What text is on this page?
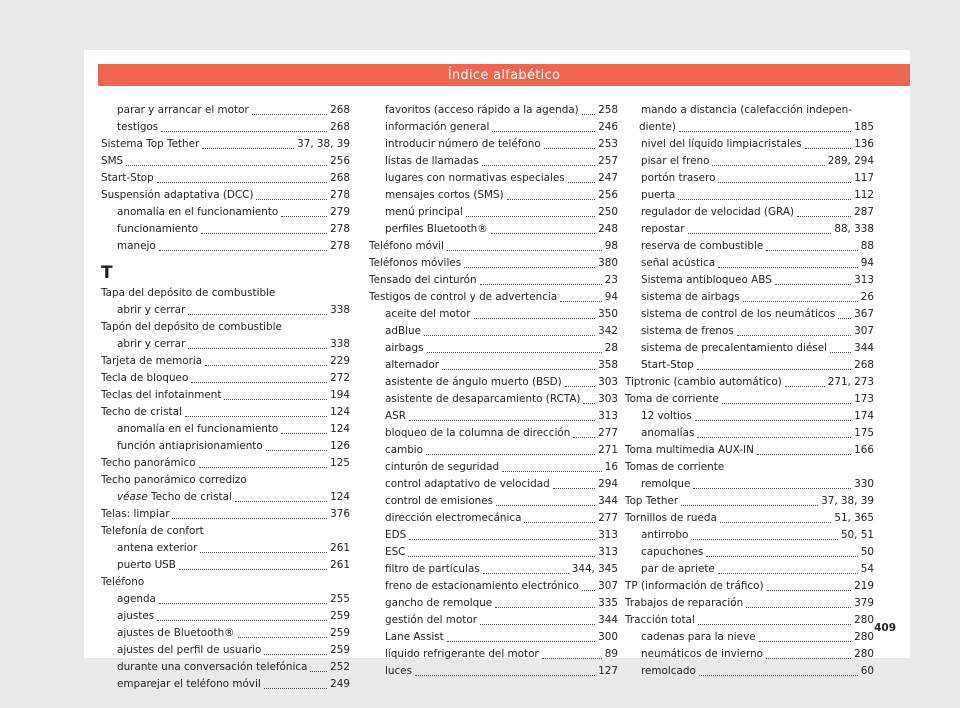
Índice alfabético
parar y arrancar el motor	268
testigos	268
Sistema Top Tether	37, 38, 39
SMS	256
Start-Stop	268
Suspensión adaptativa (DCC)	278
anomalía en el funcionamiento	279
funcionamiento	278
manejo	278
T
Tapa del depósito de combustible
abrir y cerrar	338
Tapón del depósito de combustible
abrir y cerrar	338
Tarjeta de memoria	229
Tecla de bloqueo	272
Teclas del infotainment	194
Techo de cristal	124
anomalía en el funcionamiento	124
función antiaprisionamiento	126
Techo panorámico	125
Techo panorámico corredizo
véase Techo de cristal	124
Telas: limpiar	376
Telefonía de confort
antena exterior	261
puerto USB	261
Teléfono
agenda	255
ajustes	259
ajustes de Bluetooth®	259
ajustes del perfil de usuario	259
durante una conversación telefónica 252
emparejar el teléfono móvil	249
favoritos (acceso rápido a la agenda) 258
información general	246
introducir número de teléfono	253
listas de llamadas	257
lugares con normativas especiales	247
mensajes cortos (SMS)	256
menú principal	250
perfiles Bluetooth®	248
Teléfono móvil	98
Teléfonos móviles	380
Tensado del cinturón	23
Testigos de control y de advertencia	94
aceite del motor	350
adBlue	342
airbags	28
alternador	358
asistente de ángulo muerto (BSD)	303
asistente de desaparcamiento (RCTA) 303
ASR	313
bloqueo de la columna de dirección	277
cambio	271
cinturón de seguridad	16
control adaptativo de velocidad	294
control de emisiones	344
dirección electromecánica	277
EDS	313
ESC	313
filtro de partículas	344, 345
freno de estacionamiento electrónico 307
gancho de remolque	335
gestión del motor	344
Lane Assist	300
líquido refrigerante del motor	89
luces	127
mando a distancia (calefacción indepen-
diente)	185
nivel del líquido limpiacristales	136
pisar el freno	289, 294
portón trasero	117
puerta	112
regulador de velocidad (GRA)	287
repostar	88, 338
reserva de combustible	88
señal acústica	94
Sistema antibloqueo ABS	313
sistema de airbags	26
sistema de control de los neumáticos 367
sistema de frenos	307
sistema de precalentamiento diésel	344
Start-Stop	268
Tiptronic (cambio automático)	271, 273
Toma de corriente	173
12 voltios	174
anomalías	175
Toma multimedia AUX-IN	166
Tomas de corriente
remolque	330
Top Tether	37, 38, 39
Tornillos de rueda	51, 365
antirrobo	50, 51
capuchones	50
par de apriete	54
TP (información de tráfico)	219
Trabajos de reparación	379
Tracción total	280
cadenas para la nieve	280
neumáticos de invierno	280
remolcado	60
409
